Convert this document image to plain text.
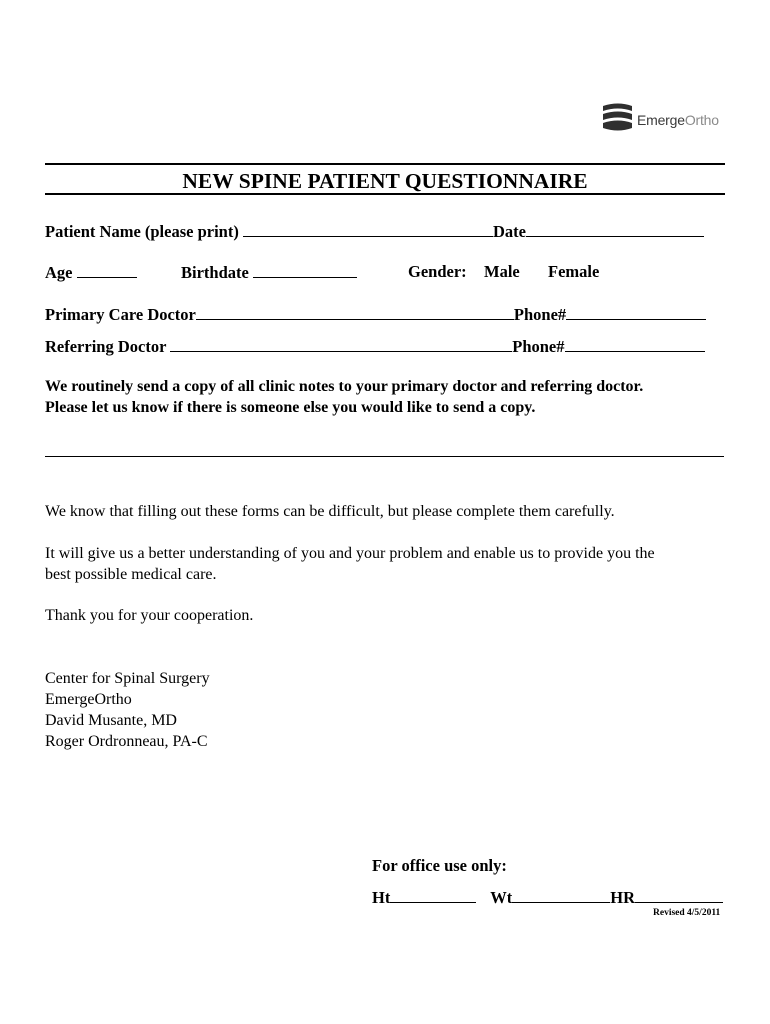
EmergeOrtho
NEW SPINE PATIENT QUESTIONNAIRE
Patient Name (please print)	Date
Age	Birthdate	Gender: Male Female
Primary Care Doctor	Phone#
Referring Doctor	Phone#
We routinely send a copy of all clinic notes to your primary doctor and referring doctor.
Please let us know if there is someone else you would like to send a copy.
We know that filling out these forms can be difficult, but please complete them carefully.
It will give us a better understanding of you and your problem and enable us to provide you the
best possible medical care.
Thank you for your cooperation.
Center for Spinal Surgery
EmergeOrtho
David Musante, MD
Roger Ordronneau, PA-C
For office use only:
Ht	Wt	HR
Revised 4/5/2011
